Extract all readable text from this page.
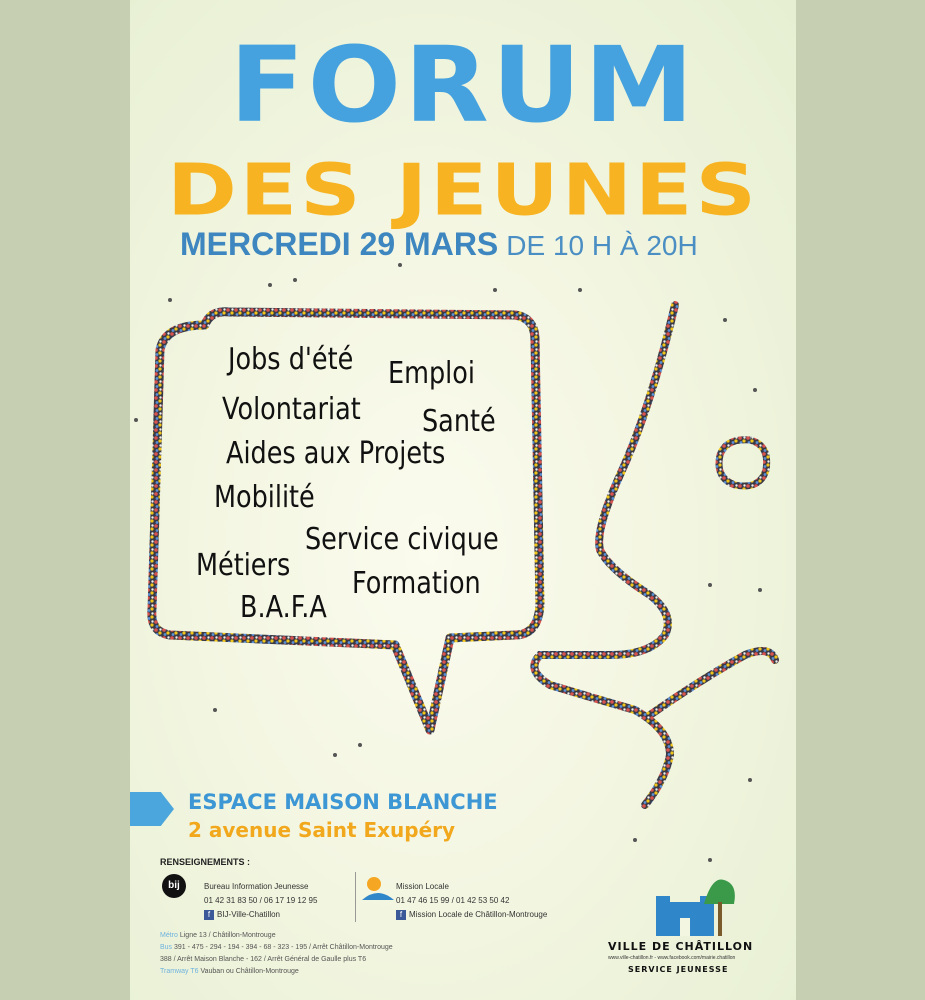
FORUM
DES JEUNES
MERCREDI 29 MARS DE 10 H À 20H
Jobs d'été Emploi
Volontariat Santé
Aides aux Projets
Mobilité
Service civique
Métiers
Formation
B.A.F.A
ESPACE MAISON BLANCHE
2 avenue Saint Exupéry
RENSEIGNEMENTS :
bij	Bureau Information Jeunesse
01 42 31 83 50 / 06 17 19 12 95
f BIJ-Ville-Chatillon
Mission Locale
01 47 46 15 99 / 01 42 53 50 42
f Mission Locale de Châtillon-Montrouge
Métro Ligne 13 / Châtillon-Montrouge
Bus 391 - 475 - 294 - 194 - 394 - 68 - 323 - 195 / Arrêt Châtillon-Montrouge
388 / Arrêt Maison Blanche - 162 / Arrêt Général de Gaulle plus T6
Tramway T6 Vauban ou Châtillon-Montrouge
VILLE DE CHÂTILLON
www.ville-chatillon.fr - www.facebook.com/mairie.chatillon
SERVICE JEUNESSE
